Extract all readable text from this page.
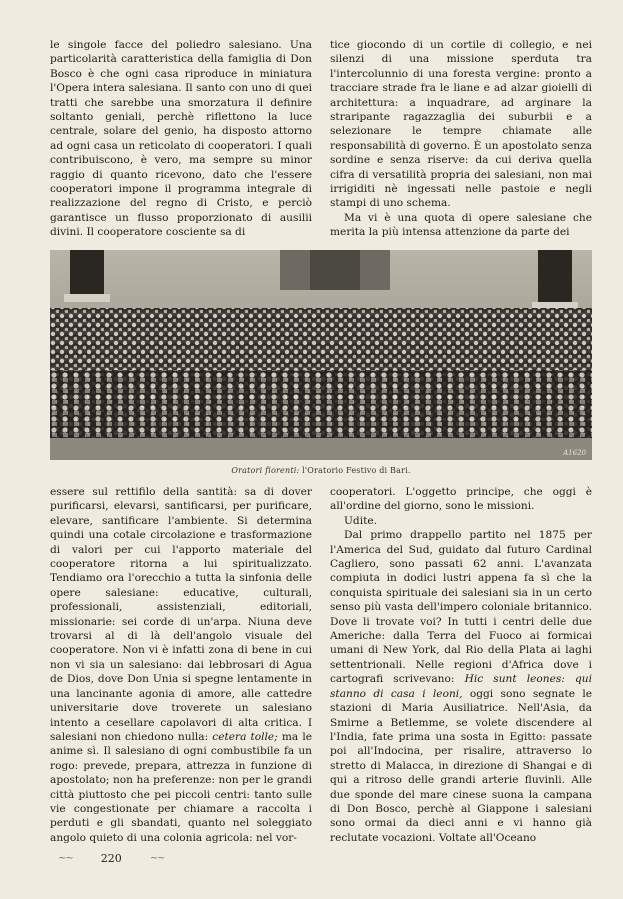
le singole facce del poliedro salesiano. Una particolarità caratteristica della famiglia di Don Bosco è che ogni casa riproduce in miniatura l'Opera intera salesiana. Il santo con uno di quei tratti che sarebbe una smorzatura il definire soltanto geniali, perchè riflettono la luce centrale, solare del genio, ha disposto attorno ad ogni casa un reticolato di cooperatori. I quali contribuiscono, è vero, ma sempre su minor raggio di quanto ricevono, dato che l'essere cooperatori impone il programma integrale di realizzazione del regno di Cristo, e perciò garantisce un flusso proporzionato di ausilii divini. Il cooperatore cosciente sa di

tice giocondo di un cortile di collegio, e nei silenzi di una missione sperduta tra l'intercolunnio di una foresta vergine: pronto a tracciare strade fra le liane e ad alzar gioielli di architettura: a inquadrare, ad arginare la straripante ragazzaglia dei suburbii e a selezionare le tempre chiamate alle responsabilità di governo. È un apostolato senza sordine e senza riserve: da cui deriva quella cifra di versatilità propria dei salesiani, non mai irrigiditi nè ingessati nelle pastoie e negli stampi di uno schema.

Ma vi è una quota di opere salesiane che merita la più intensa attenzione da parte dei

A1620
Oratori fiorenti: l'Oratorio Festivo di Bari.

essere sul rettifilo della santità: sa di dover purificarsi, elevarsi, santificarsi, per purificare, elevare, santificare l'ambiente. Si determina quindi una cotale circolazione e trasformazione di valori per cui l'apporto materiale del cooperatore ritorna a lui spiritualizzato. Tendiamo ora l'orecchio a tutta la sinfonia delle opere salesiane: educative, culturali, professionali, assistenziali, editoriali, missionarie: sei corde di un'arpa. Niuna deve trovarsi al di là dell'angolo visuale del cooperatore. Non vi è infatti zona di bene in cui non vi sia un salesiano: dai lebbrosari di Agua de Dios, dove Don Unia si spegne lentamente in una lancinante agonia di amore, alle cattedre universitarie dove troverete un salesiano intento a cesellare capolavori di alta critica. I salesiani non chiedono nulla: cetera tolle; ma le anime sì. Il salesiano di ogni combustibile fa un rogo: prevede, prepara, attrezza in funzione di apostolato; non ha preferenze: non per le grandi città piuttosto che pei piccoli centri: tanto sulle vie congestionate per chiamare a raccolta i perduti e gli sbandati, quanto nel soleggiato angolo quieto di una colonia agricola: nel vor-

cooperatori. L'oggetto principe, che oggi è all'ordine del giorno, sono le missioni.

Udite.

Dal primo drappello partito nel 1875 per l'America del Sud, guidato dal futuro Cardinal Cagliero, sono passati 62 anni. L'avanzata compiuta in dodici lustri appena fa sì che la conquista spirituale dei salesiani sia in un certo senso più vasta dell'impero coloniale britannico. Dove li trovate voi? In tutti i centri delle due Americhe: dalla Terra del Fuoco ai formicai umani di New York, dal Rio della Plata ai laghi settentrionali. Nelle regioni d'Africa dove i cartografi scrivevano: Hic sunt leones: qui stanno di casa i leoni, oggi sono segnate le stazioni di Maria Ausiliatrice. Nell'Asia, da Smirne a Betlemme, se volete discendere al l'India, fate prima una sosta in Egitto: passate poi all'Indocina, per risalire, attraverso lo stretto di Malacca, in direzione di Shangai e di qui a ritroso delle grandi arterie fluvinli. Alle due sponde del mare cinese suona la campana di Don Bosco, perchè al Giappone i salesiani sono ormai da dieci anni e vi hanno già reclutate vocazioni. Voltate all'Oceano

~~	220	~~
